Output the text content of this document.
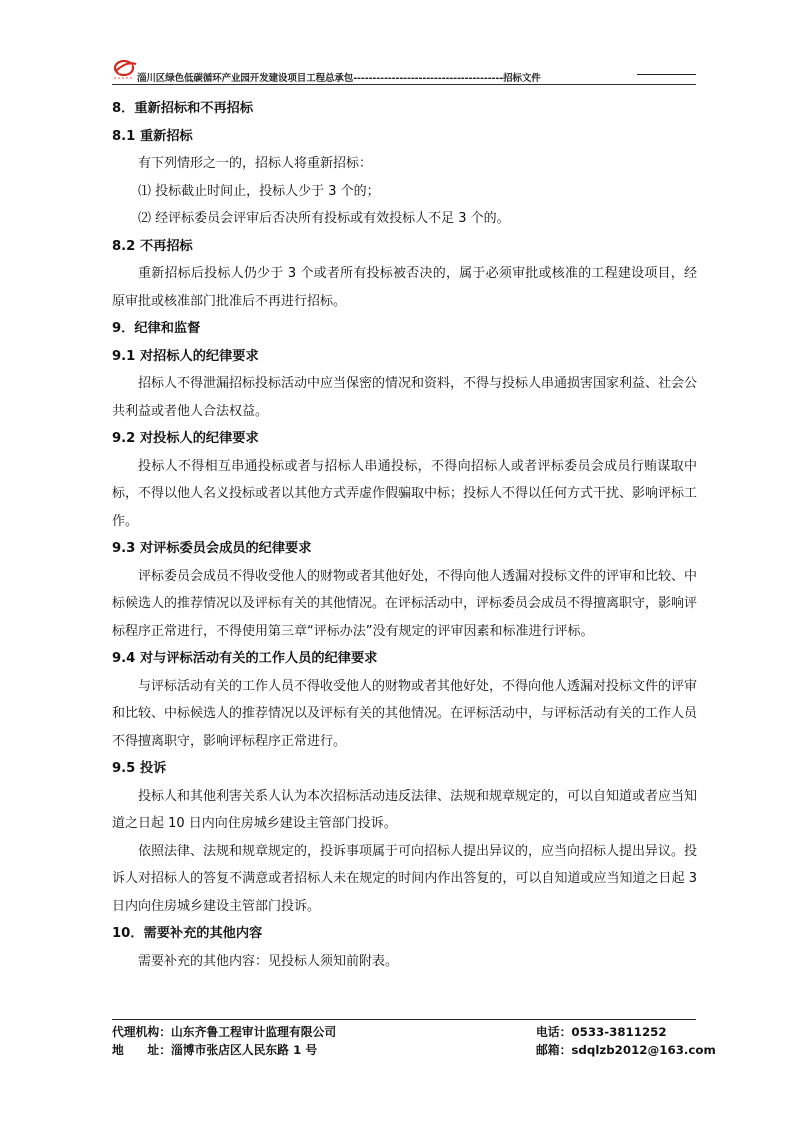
淄川区绿色低碳循环产业园开发建设项目工程总承包---------------------------------------招标文件
8．重新招标和不再招标
8.1 重新招标
有下列情形之一的，招标人将重新招标：
⑴ 投标截止时间止，投标人少于 3 个的；
⑵ 经评标委员会评审后否决所有投标或有效投标人不足 3 个的。
8.2 不再招标
重新招标后投标人仍少于 3 个或者所有投标被否决的，属于必须审批或核准的工程建设项目，经原审批或核准部门批准后不再进行招标。
9．纪律和监督
9.1 对招标人的纪律要求
招标人不得泄漏招标投标活动中应当保密的情况和资料，不得与投标人串通损害国家利益、社会公共利益或者他人合法权益。
9.2 对投标人的纪律要求
投标人不得相互串通投标或者与招标人串通投标，不得向招标人或者评标委员会成员行贿谋取中标，不得以他人名义投标或者以其他方式弄虚作假骗取中标；投标人不得以任何方式干扰、影响评标工作。
9.3 对评标委员会成员的纪律要求
评标委员会成员不得收受他人的财物或者其他好处，不得向他人透漏对投标文件的评审和比较、中标候选人的推荐情况以及评标有关的其他情况。在评标活动中，评标委员会成员不得擅离职守，影响评标程序正常进行，不得使用第三章“评标办法”没有规定的评审因素和标准进行评标。
9.4 对与评标活动有关的工作人员的纪律要求
与评标活动有关的工作人员不得收受他人的财物或者其他好处，不得向他人透漏对投标文件的评审和比较、中标候选人的推荐情况以及评标有关的其他情况。在评标活动中，与评标活动有关的工作人员不得擅离职守，影响评标程序正常进行。
9.5 投诉
投标人和其他利害关系人认为本次招标活动违反法律、法规和规章规定的，可以自知道或者应当知道之日起 10 日内向住房城乡建设主管部门投诉。
依照法律、法规和规章规定的，投诉事项属于可向招标人提出异议的，应当向招标人提出异议。投诉人对招标人的答复不满意或者招标人未在规定的时间内作出答复的，可以自知道或应当知道之日起 3 日内向住房城乡建设主管部门投诉。
10．需要补充的其他内容
需要补充的其他内容：见投标人须知前附表。
代理机构：山东齐鲁工程审计监理有限公司	电话：0533-3811252
地　　址：淄博市张店区人民东路 1 号	邮箱：sdqlzb2012@163.com
